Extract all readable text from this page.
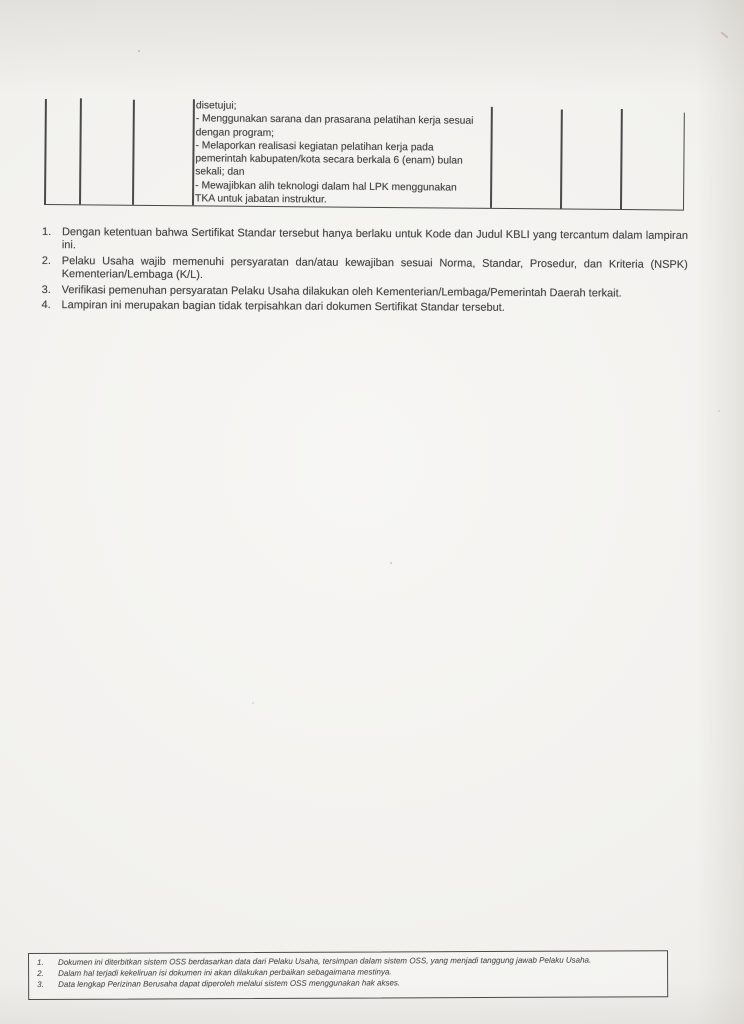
disetujui;
- Menggunakan sarana dan prasarana pelatihan kerja sesuai
dengan program;
- Melaporkan realisasi kegiatan pelatihan kerja pada
pemerintah kabupaten/kota secara berkala 6 (enam) bulan
sekali; dan
- Mewajibkan alih teknologi dalam hal LPK menggunakan
TKA untuk jabatan instruktur.
1. Dengan ketentuan bahwa Sertifikat Standar tersebut hanya berlaku untuk Kode dan Judul KBLI yang tercantum dalam lampiran ini.
2. Pelaku Usaha wajib memenuhi persyaratan dan/atau kewajiban sesuai Norma, Standar, Prosedur, dan Kriteria (NSPK) Kementerian/Lembaga (K/L).
3. Verifikasi pemenuhan persyaratan Pelaku Usaha dilakukan oleh Kementerian/Lembaga/Pemerintah Daerah terkait.
4. Lampiran ini merupakan bagian tidak terpisahkan dari dokumen Sertifikat Standar tersebut.
1.	Dokumen ini diterbitkan sistem OSS berdasarkan data dari Pelaku Usaha, tersimpan dalam sistem OSS, yang menjadi tanggung jawab Pelaku Usaha.
2.	Dalam hal terjadi kekeliruan isi dokumen ini akan dilakukan perbaikan sebagaimana mestinya.
3.	Data lengkap Perizinan Berusaha dapat diperoleh melalui sistem OSS menggunakan hak akses.
